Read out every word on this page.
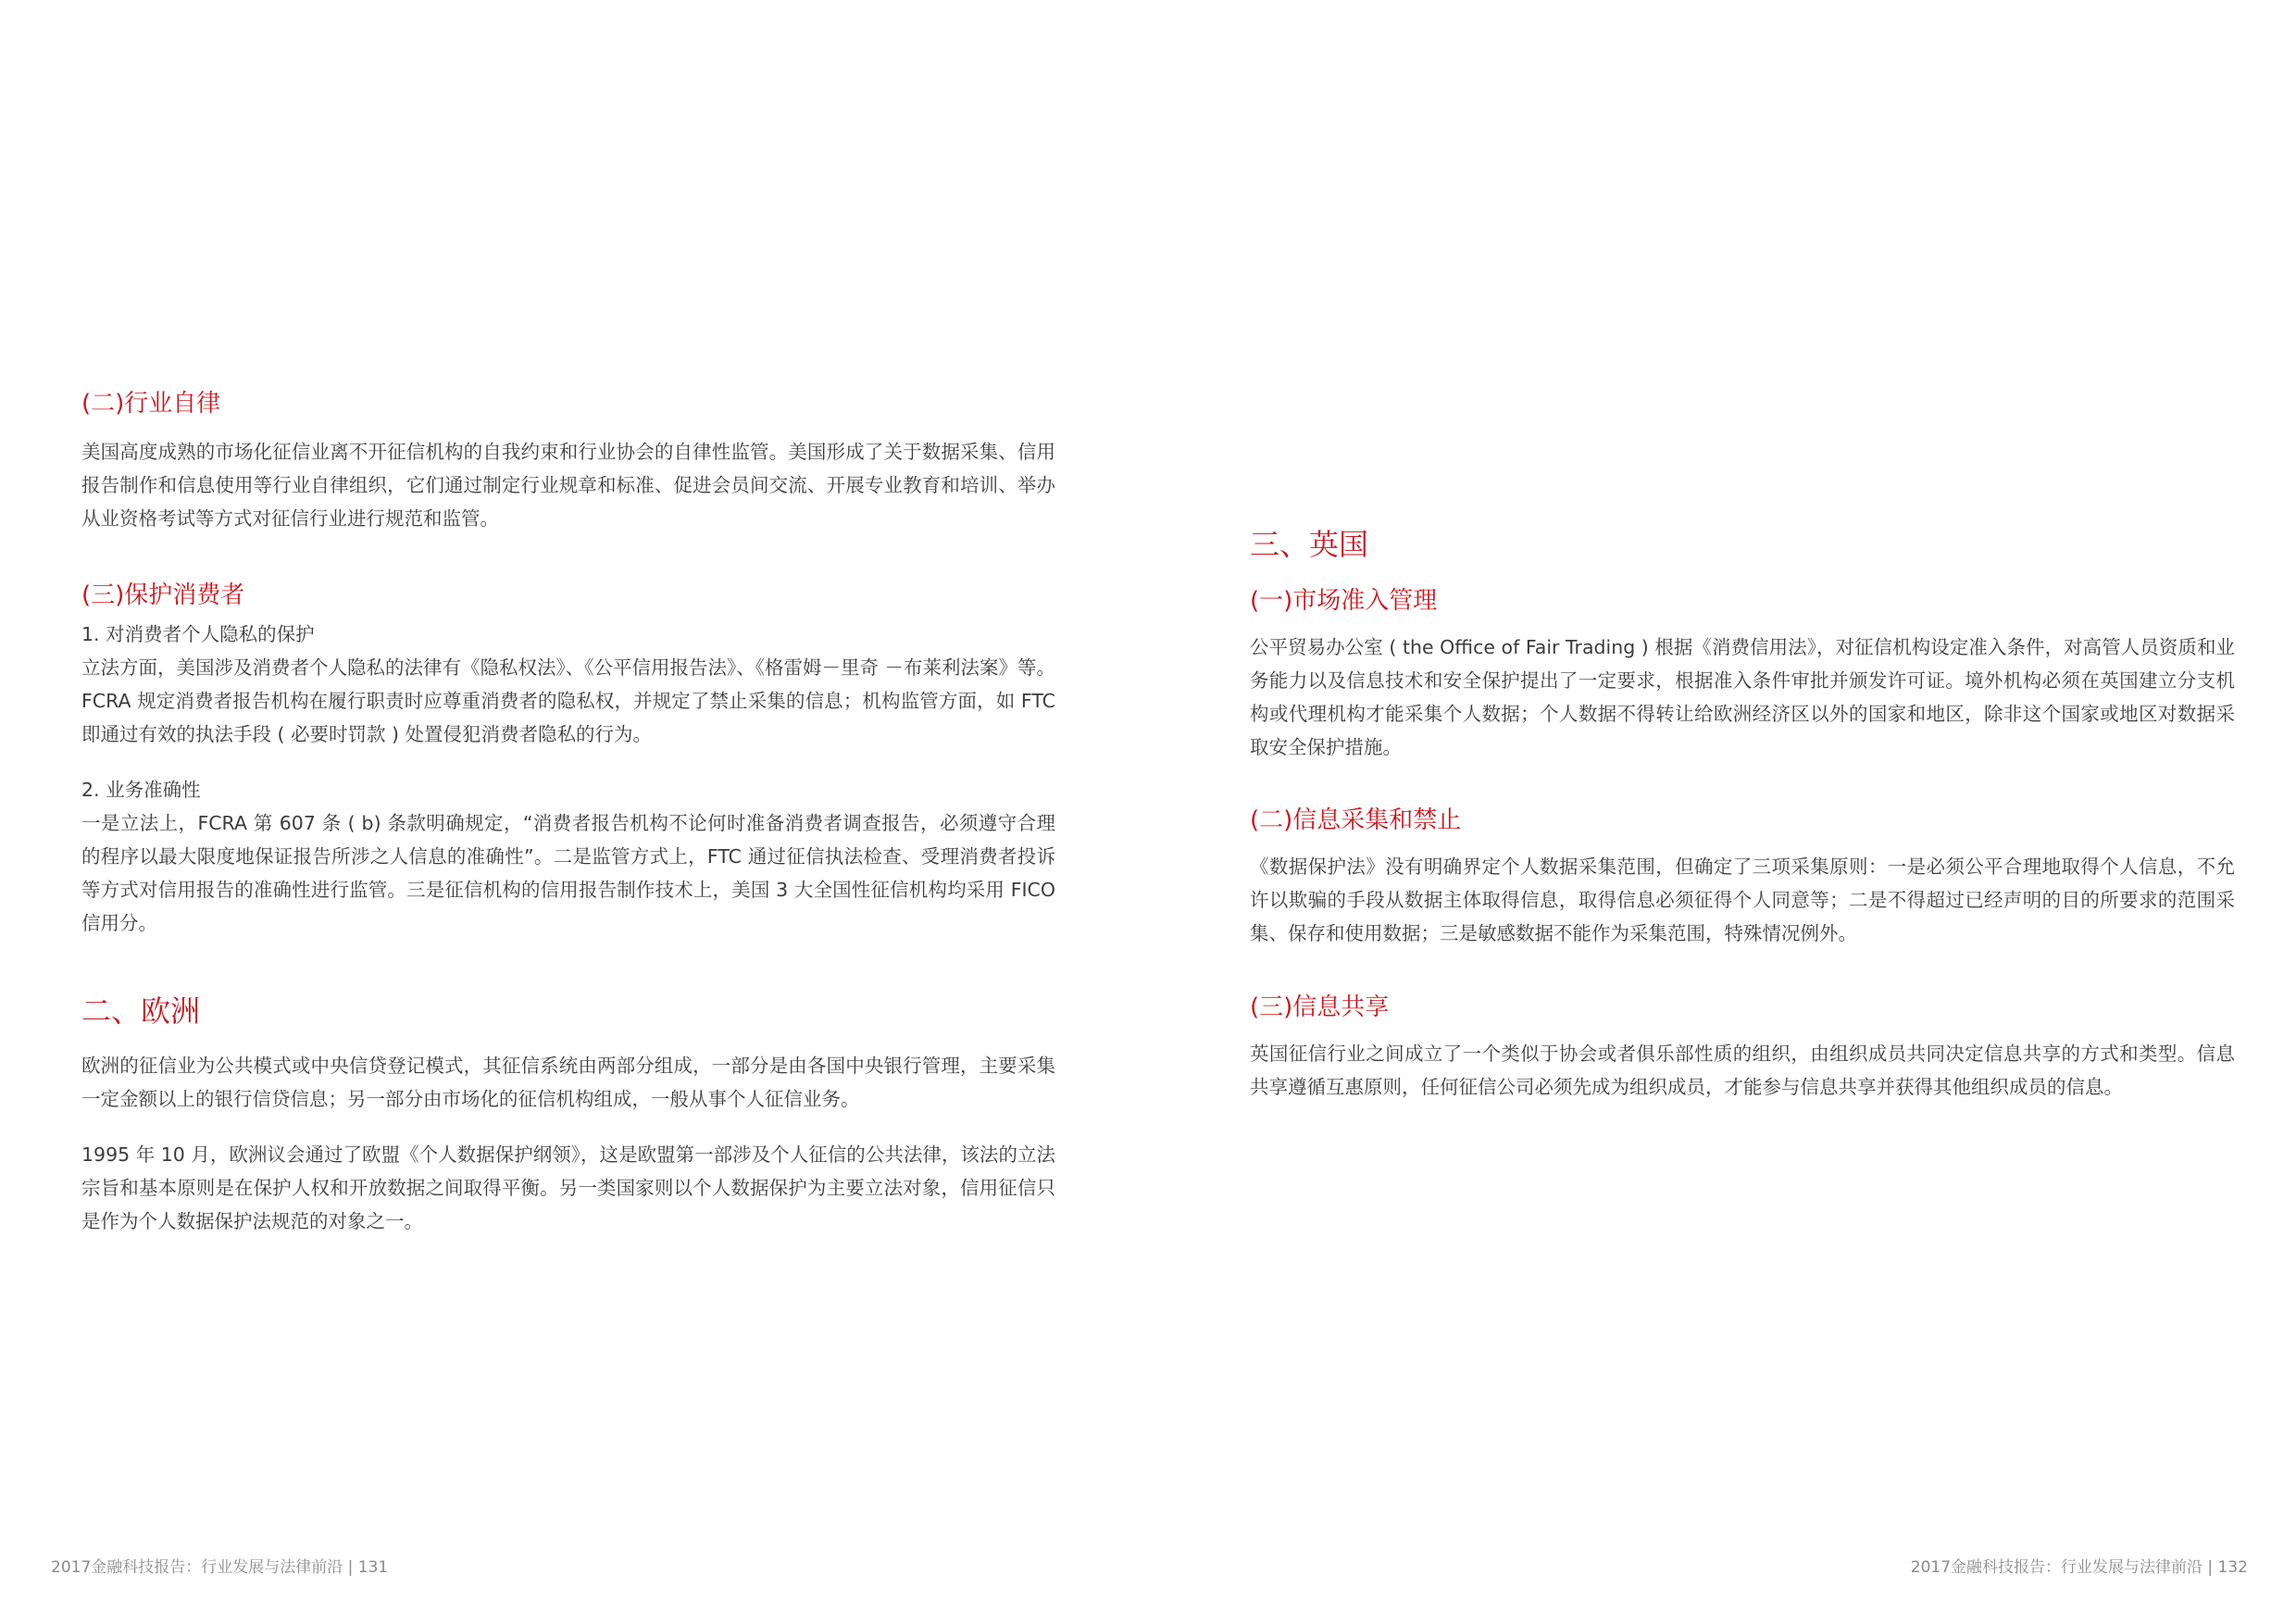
(二)行业自律

美国高度成熟的市场化征信业离不开征信机构的自我约束和行业协会的自律性监管。美国形成了关于数据采集、信用报告制作和信息使用等行业自律组织，它们通过制定行业规章和标准、促进会员间交流、开展专业教育和培训、举办从业资格考试等方式对征信行业进行规范和监管。

(三)保护消费者
1. 对消费者个人隐私的保护

立法方面，美国涉及消费者个人隐私的法律有《隐私权法》、《公平信用报告法》、《格雷姆－里奇 －布莱利法案》等。FCRA 规定消费者报告机构在履行职责时应尊重消费者的隐私权，并规定了禁止采集的信息；机构监管方面，如 FTC 即通过有效的执法手段 ( 必要时罚款 ) 处置侵犯消费者隐私的行为。

2. 业务准确性

一是立法上，FCRA 第 607 条 ( b) 条款明确规定，“消费者报告机构不论何时准备消费者调查报告，必须遵守合理的程序以最大限度地保证报告所涉之人信息的准确性”。二是监管方式上，FTC 通过征信执法检查、受理消费者投诉等方式对信用报告的准确性进行监管。三是征信机构的信用报告制作技术上，美国 3 大全国性征信机构均采用 FICO 信用分。

二、欧洲

欧洲的征信业为公共模式或中央信贷登记模式，其征信系统由两部分组成，一部分是由各国中央银行管理，主要采集一定金额以上的银行信贷信息；另一部分由市场化的征信机构组成，一般从事个人征信业务。

1995 年 10 月，欧洲议会通过了欧盟《个人数据保护纲领》，这是欧盟第一部涉及个人征信的公共法律，该法的立法宗旨和基本原则是在保护人权和开放数据之间取得平衡。另一类国家则以个人数据保护为主要立法对象，信用征信只是作为个人数据保护法规范的对象之一。

2017金融科技报告：行业发展与法律前沿 | 131
三、英国
(一)市场准入管理

公平贸易办公室 ( the Office of Fair Trading ) 根据《消费信用法》，对征信机构设定准入条件，对高管人员资质和业务能力以及信息技术和安全保护提出了一定要求，根据准入条件审批并颁发许可证。境外机构必须在英国建立分支机构或代理机构才能采集个人数据；个人数据不得转让给欧洲经济区以外的国家和地区，除非这个国家或地区对数据采取安全保护措施。

(二)信息采集和禁止

《数据保护法》没有明确界定个人数据采集范围，但确定了三项采集原则：一是必须公平合理地取得个人信息，不允许以欺骗的手段从数据主体取得信息，取得信息必须征得个人同意等；二是不得超过已经声明的目的所要求的范围采集、保存和使用数据；三是敏感数据不能作为采集范围，特殊情况例外。

(三)信息共享

英国征信行业之间成立了一个类似于协会或者俱乐部性质的组织，由组织成员共同决定信息共享的方式和类型。信息共享遵循互惠原则，任何征信公司必须先成为组织成员，才能参与信息共享并获得其他组织成员的信息。

2017金融科技报告：行业发展与法律前沿 | 132
